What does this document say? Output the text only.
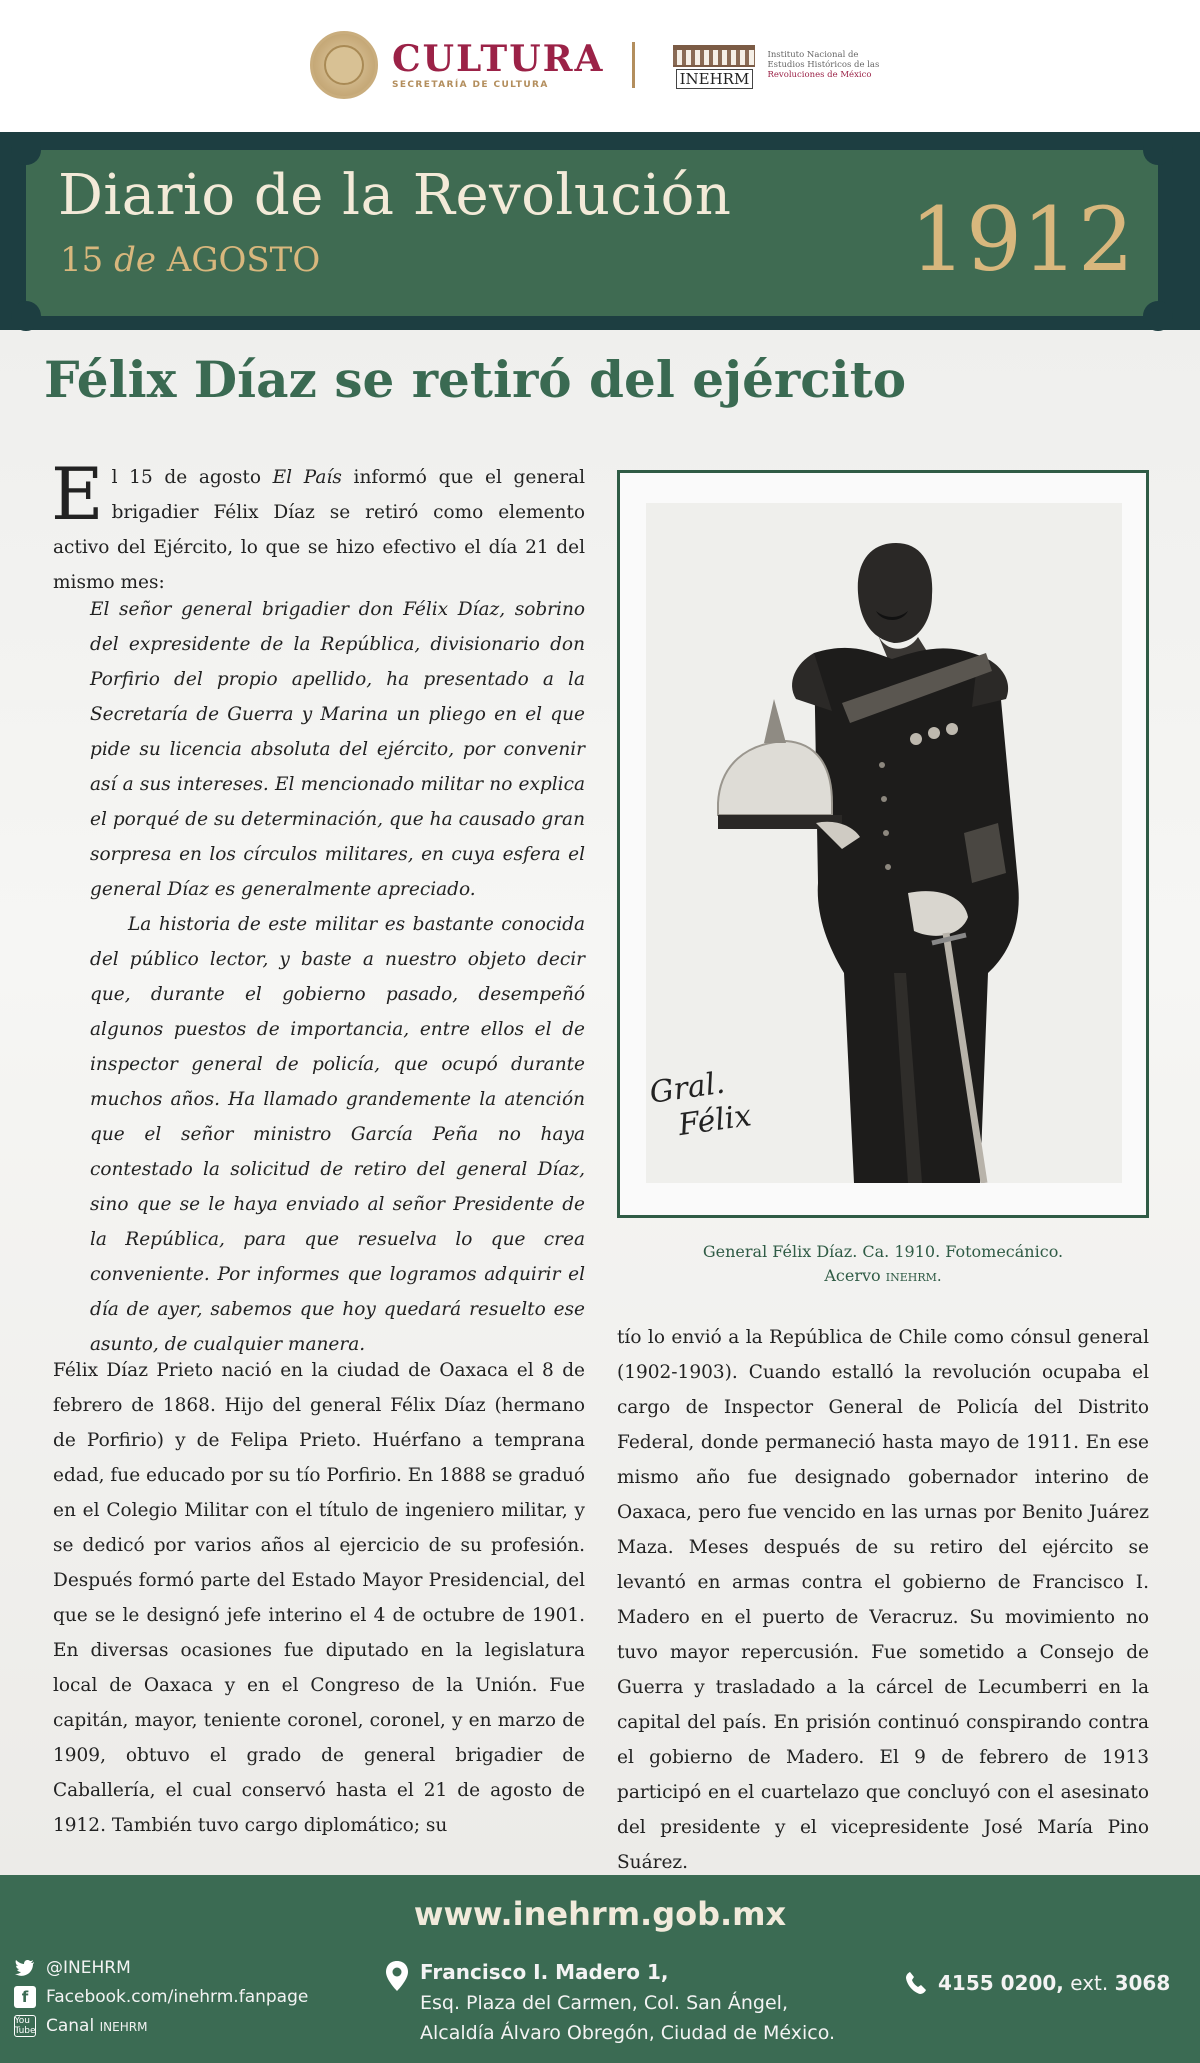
CULTURA
SECRETARÍA DE CULTURA	INEHRM
Instituto Nacional de
Estudios Históricos de las
Revoluciones de México
Diario de la Revolución
15 de AGOSTO	1912
Félix Díaz se retiró del ejército
El 15 de agosto El País informó que el general brigadier Félix Díaz se retiró como elemento activo del Ejército, lo que se hizo efectivo el día 21 del mismo mes:

El señor general brigadier don Félix Díaz, sobrino del expresidente de la República, divisionario don Porfirio del propio apellido, ha presentado a la Secretaría de Guerra y Marina un pliego en el que pide su licencia absoluta del ejército, por convenir así a sus intereses. El mencionado militar no explica el porqué de su determinación, que ha causado gran sorpresa en los círculos militares, en cuya esfera el general Díaz es generalmente apreciado.

La historia de este militar es bastante conocida del público lector, y baste a nuestro objeto decir que, durante el gobierno pasado, desempeñó algunos puestos de importancia, entre ellos el de inspector general de policía, que ocupó durante muchos años. Ha llamado grandemente la atención que el señor ministro García Peña no haya contestado la solicitud de retiro del general Díaz, sino que se le haya enviado al señor Presidente de la República, para que resuelva lo que crea conveniente. Por informes que logramos adquirir el día de ayer, sabemos que hoy quedará resuelto ese asunto, de cualquier manera.

Gral.
Félix
General Félix Díaz. Ca. 1910. Fotomecánico.
Acervo inehrm.
Félix Díaz Prieto nació en la ciudad de Oaxaca el 8 de febrero de 1868. Hijo del general Félix Díaz (hermano de Porfirio) y de Felipa Prieto. Huérfano a temprana edad, fue educado por su tío Porfirio. En 1888 se graduó en el Colegio Militar con el título de ingeniero militar, y se dedicó por varios años al ejercicio de su profesión. Después formó parte del Estado Mayor Presidencial, del que se le designó jefe interino el 4 de octubre de 1901. En diversas ocasiones fue diputado en la legislatura local de Oaxaca y en el Congreso de la Unión. Fue capitán, mayor, teniente coronel, coronel, y en marzo de 1909, obtuvo el grado de general brigadier de Caballería, el cual conservó hasta el 21 de agosto de 1912. También tuvo cargo diplomático; su
tío lo envió a la República de Chile como cónsul general (1902-1903). Cuando estalló la revolución ocupaba el cargo de Inspector General de Policía del Distrito Federal, donde permaneció hasta mayo de 1911. En ese mismo año fue designado gobernador interino de Oaxaca, pero fue vencido en las urnas por Benito Juárez Maza. Meses después de su retiro del ejército se levantó en armas contra el gobierno de Francisco I. Madero en el puerto de Veracruz. Su movimiento no tuvo mayor repercusión. Fue sometido a Consejo de Guerra y trasladado a la cárcel de Lecumberri en la capital del país. En prisión continuó conspirando contra el gobierno de Madero. El 9 de febrero de 1913 participó en el cuartelazo que concluyó con el asesinato del presidente y el vicepresidente José María Pino Suárez.
www.inehrm.gob.mx
@INEHRM
f	Facebook.com/inehrm.fanpage
You
Tube Canal inehrm
Francisco I. Madero 1,
Esq. Plaza del Carmen, Col. San Ángel,
Alcaldía Álvaro Obregón, Ciudad de México.
4155 0200, ext. 3068
